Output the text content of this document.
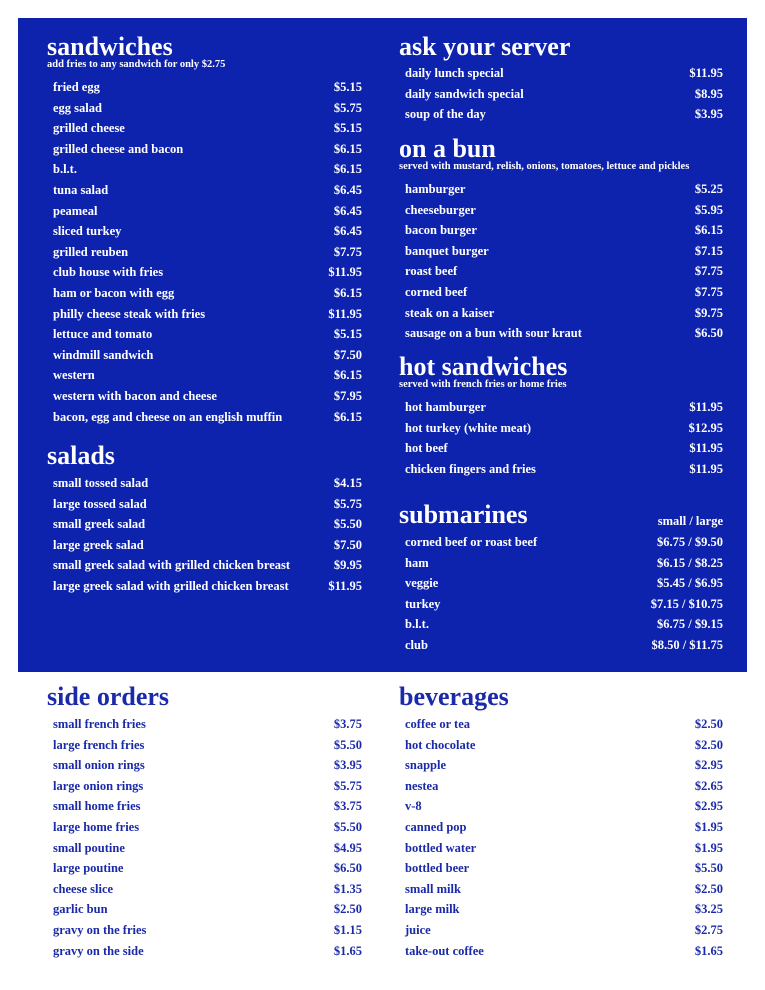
sandwiches
add fries to any sandwich for only $2.75
fried egg	$5.15
egg salad	$5.75
grilled cheese	$5.15
grilled cheese and bacon	$6.15
b.l.t.	$6.15
tuna salad	$6.45
peameal	$6.45
sliced turkey	$6.45
grilled reuben	$7.75
club house with fries	$11.95
ham or bacon with egg	$6.15
philly cheese steak with fries	$11.95
lettuce and tomato	$5.15
windmill sandwich	$7.50
western	$6.15
western with bacon and cheese	$7.95
bacon, egg and cheese on an english muffin	$6.15
salads
small tossed salad	$4.15
large tossed salad	$5.75
small greek salad	$5.50
large greek salad	$7.50
small greek salad with grilled chicken breast	$9.95
large greek salad with grilled chicken breast	$11.95
ask your server
daily lunch special	$11.95
daily sandwich special	$8.95
soup of the day	$3.95
on a bun
served with mustard, relish, onions, tomatoes, lettuce and pickles
hamburger	$5.25
cheeseburger	$5.95
bacon burger	$6.15
banquet burger	$7.15
roast beef	$7.75
corned beef	$7.75
steak on a kaiser	$9.75
sausage on a bun with sour kraut	$6.50
hot sandwiches
served with french fries or home fries
hot hamburger	$11.95
hot turkey (white meat)	$12.95
hot beef	$11.95
chicken fingers and fries	$11.95
submarines	small / large
corned beef or roast beef	$6.75 / $9.50
ham	$6.15 / $8.25
veggie	$5.45 / $6.95
turkey	$7.15 / $10.75
b.l.t.	$6.75 / $9.15
club	$8.50 / $11.75
side orders
small french fries	$3.75
large french fries	$5.50
small onion rings	$3.95
large onion rings	$5.75
small home fries	$3.75
large home fries	$5.50
small poutine	$4.95
large poutine	$6.50
cheese slice	$1.35
garlic bun	$2.50
gravy on the fries	$1.15
gravy on the side	$1.65
beverages
coffee or tea	$2.50
hot chocolate	$2.50
snapple	$2.95
nestea	$2.65
v-8	$2.95
canned pop	$1.95
bottled water	$1.95
bottled beer	$5.50
small milk	$2.50
large milk	$3.25
juice	$2.75
take-out coffee	$1.65
